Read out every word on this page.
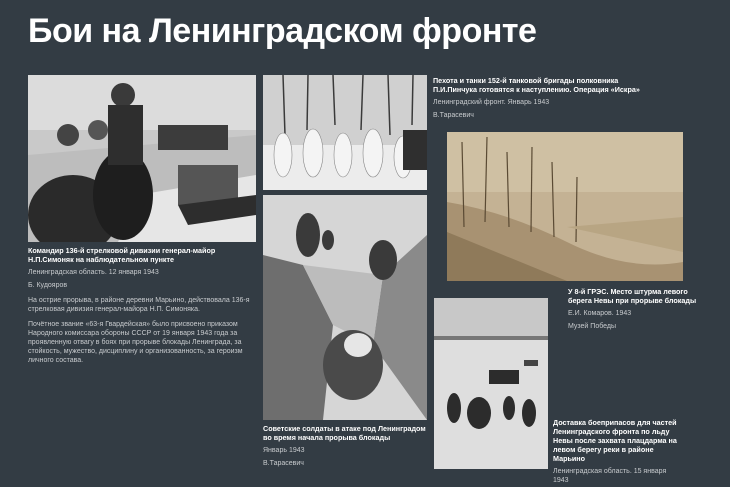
Бои на Ленинградском фронте
Командир 136-й стрелковой дивизии генерал-майор Н.П.Симоняк на наблюдательном пункте
Ленинградская область. 12 января 1943
Б. Кудояров
На острие прорыва, в районе деревни Марьино, действовала 136-я стрелковая дивизия генерал-майора Н.П. Симоняка.
Почётное звание «63-я Гвардейская» было присвоено приказом Народного комиссара обороны СССР от 19 января 1943 года за проявленную отвагу в боях при прорыве блокады Ленинграда, за стойкость, мужество, дисциплину и организованность, за героизм личного состава.
Пехота и танки 152-й танковой бригады полковника П.И.Пинчука готовятся к наступлению. Операция «Искра»
Ленинградский фронт. Январь 1943
В.Тарасевич
У 8-й ГРЭС. Место штурма левого берега Невы при прорыве блокады
Е.И. Комаров. 1943
Музей Победы
Советские солдаты в атаке под Ленинградом во время начала прорыва блокады
Январь 1943
В.Тарасевич
Доставка боеприпасов для частей Ленинградского фронта по льду Невы после захвата плацдарма на левом берегу реки в районе Марьино
Ленинградская область. 15 января 1943
